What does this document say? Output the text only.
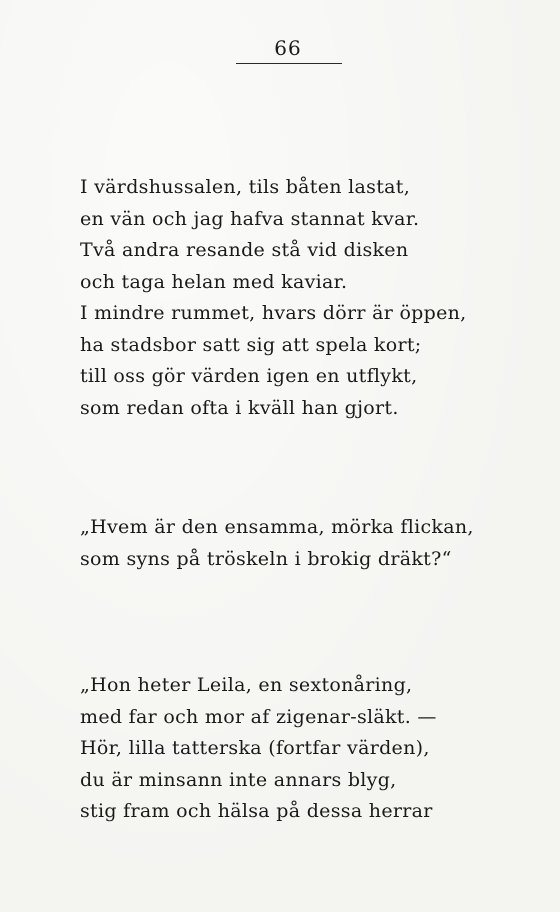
66
I värdshussalen, tils båten lastat,
en vän och jag hafva stannat kvar.
Två andra resande stå vid disken
och taga helan med kaviar.
I mindre rummet, hvars dörr är öppen,
ha stadsbor satt sig att spela kort;
till oss gör värden igen en utflykt,
som redan ofta i kväll han gjort.
„Hvem är den ensamma, mörka flickan,
som syns på tröskeln i brokig dräkt?“
„Hon heter Leila, en sextonåring,
med far och mor af zigenar-släkt. —
Hör, lilla tatterska (fortfar värden),
du är minsann inte annars blyg,
stig fram och hälsa på dessa herrar
